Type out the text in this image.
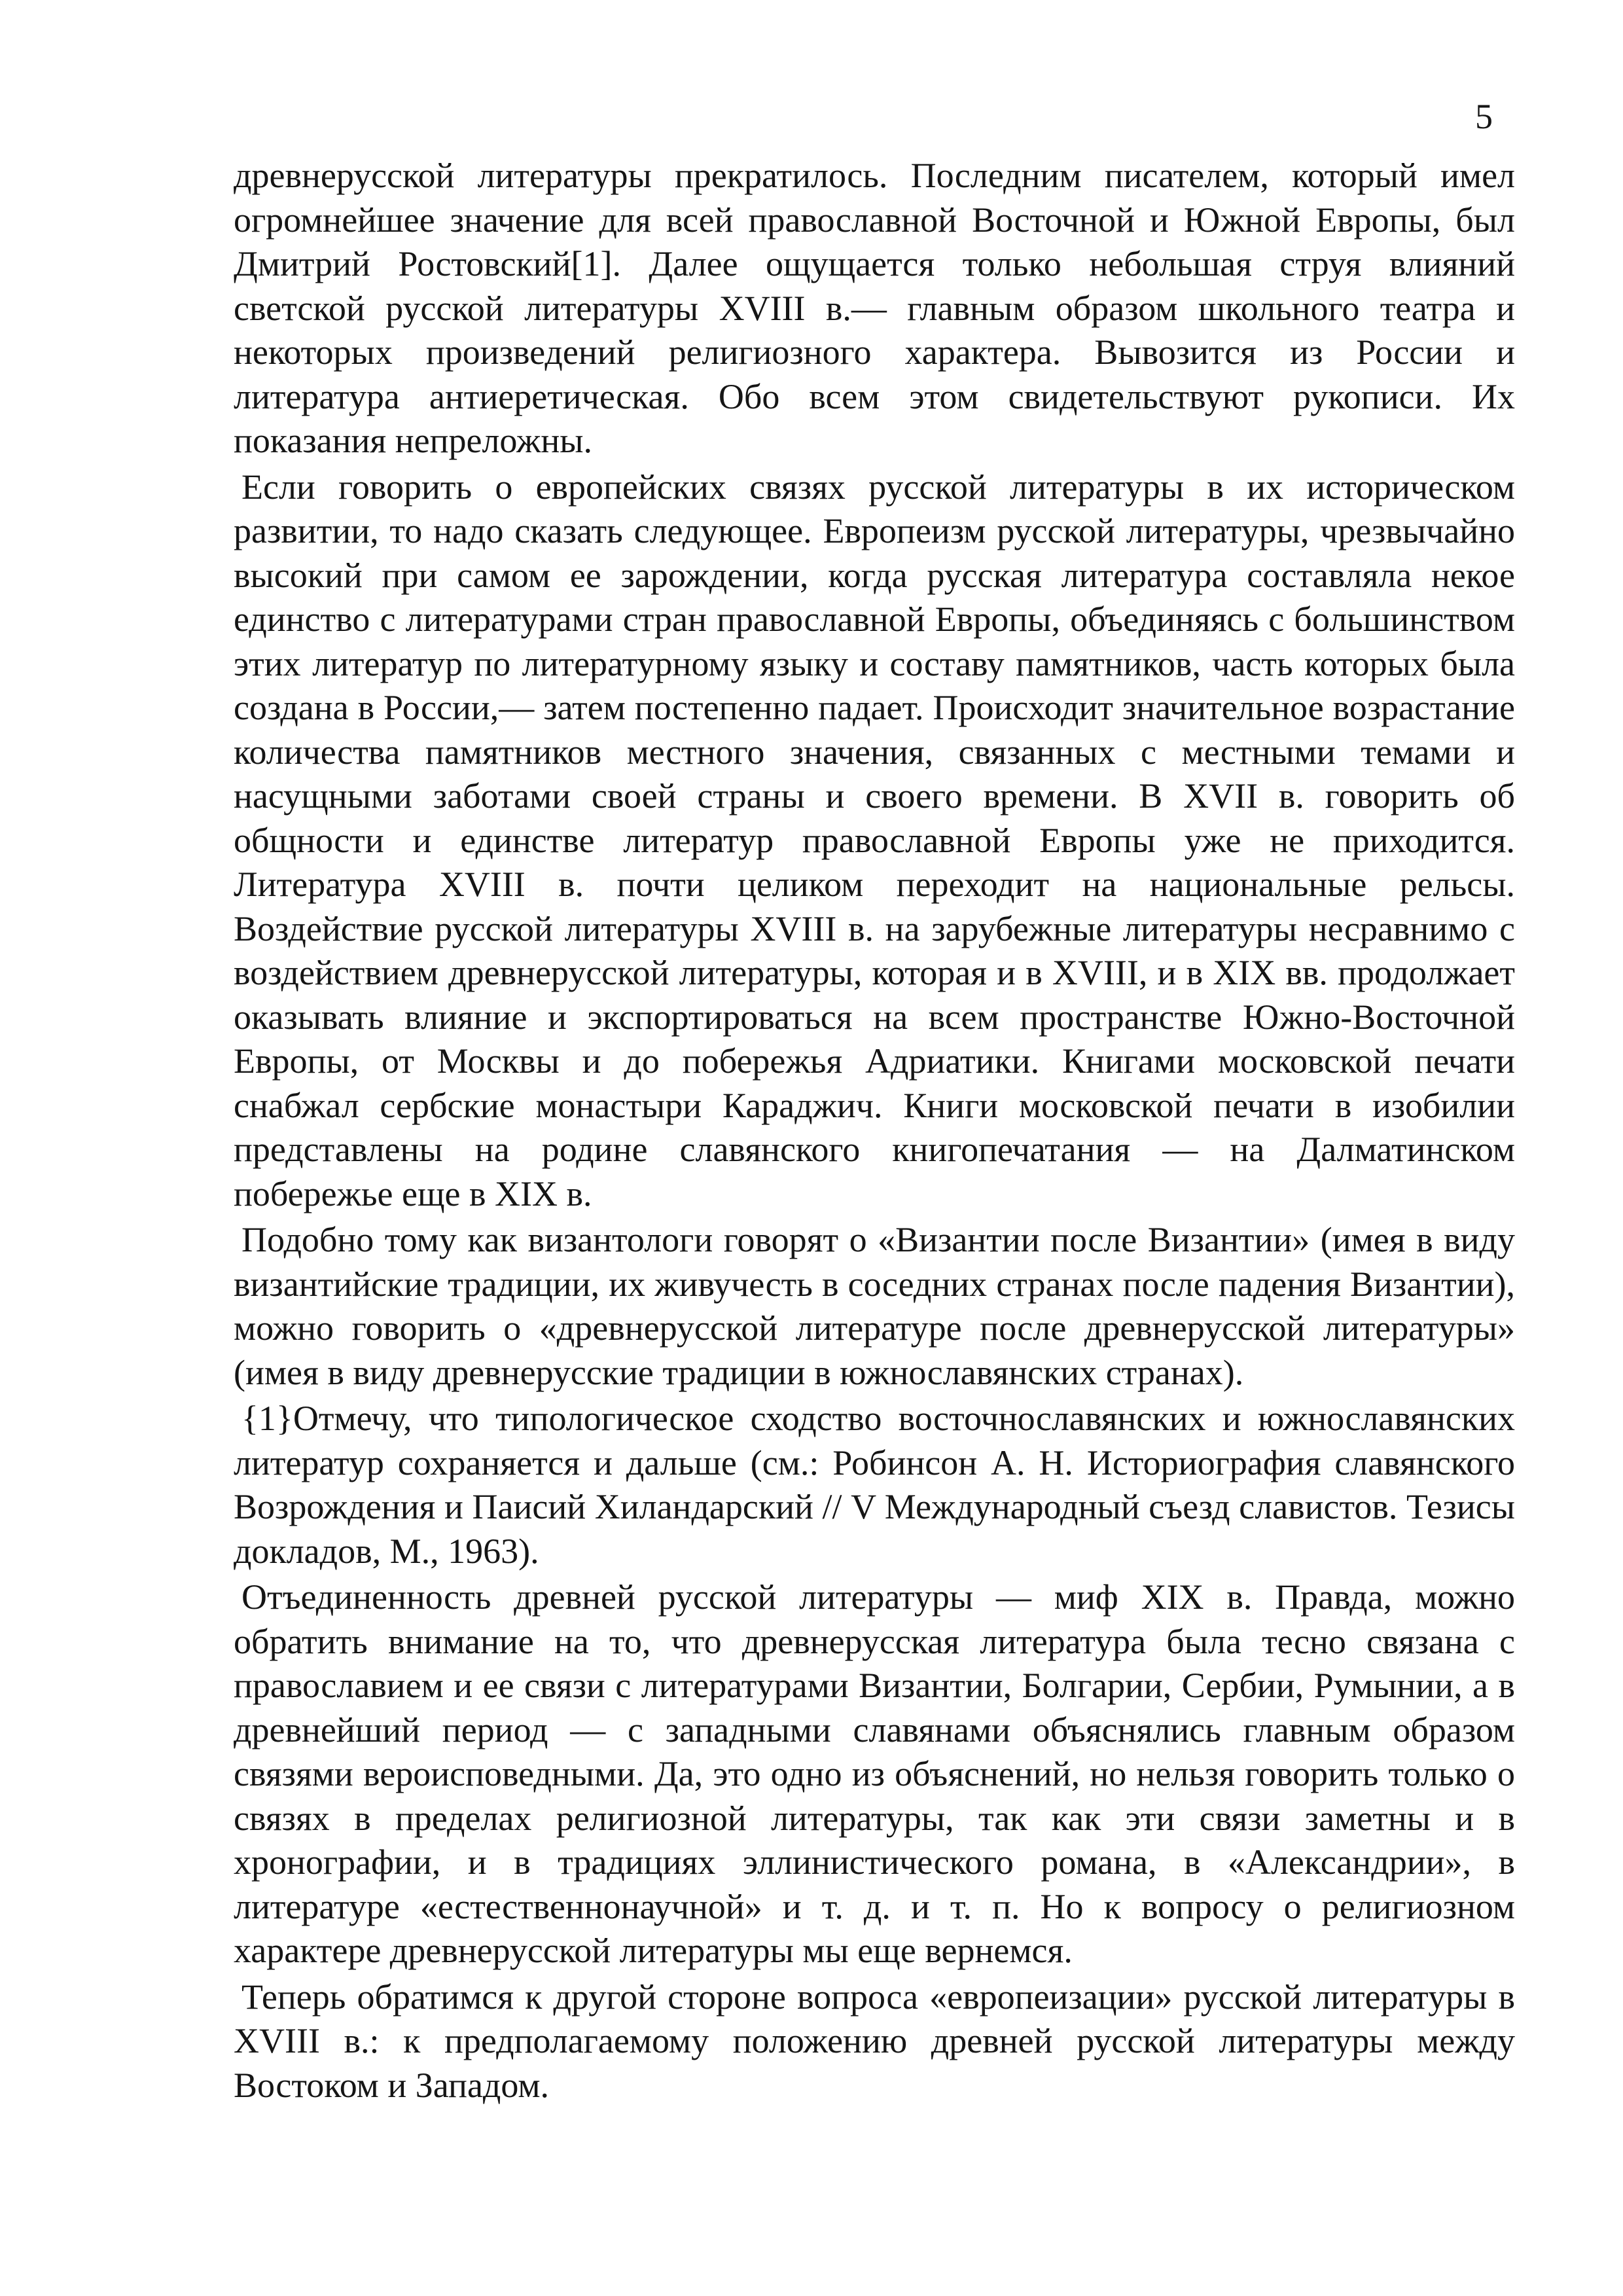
5

древнерусской литературы прекратилось. Последним писателем, который имел огромнейшее значение для всей православной Восточной и Южной Европы, был Дмитрий Ростовский[1]. Далее ощущается только небольшая струя влияний светской русской литературы XVIII в.— главным образом школьного театра и некоторых произведений религиозного характера. Вывозится из России и литература антиеретическая. Обо всем этом свидетельствуют рукописи. Их показания непреложны.

Если говорить о европейских связях русской литературы в их историческом развитии, то надо сказать следующее. Европеизм русской литературы, чрезвычайно высокий при самом ее зарождении, когда русская литература составляла некое единство с литературами стран православной Европы, объединяясь с большинством этих литератур по литературному языку и составу памятников, часть которых была создана в России,— затем постепенно падает. Происходит значительное возрастание количества памятников местного значения, связанных с местными темами и насущными заботами своей страны и своего времени. В XVII в. говорить об общности и единстве литератур православной Европы уже не приходится. Литература XVIII в. почти целиком переходит на национальные рельсы. Воздействие русской литературы XVIII в. на зарубежные литературы несравнимо с воздействием древнерусской литературы, которая и в XVIII, и в XIX вв. продолжает оказывать влияние и экспортироваться на всем пространстве Южно-Восточной Европы, от Москвы и до побережья Адриатики. Книгами московской печати снабжал сербские монастыри Караджич. Книги московской печати в изобилии представлены на родине славянского книгопечатания — на Далматинском побережье еще в XIX в.

Подобно тому как византологи говорят о «Византии после Византии» (имея в виду византийские традиции, их живучесть в соседних странах после падения Византии), можно говорить о «древнерусской литературе после древнерусской литературы» (имея в виду древнерусские традиции в южнославянских странах).

{1}Отмечу, что типологическое сходство восточнославянских и южнославянских литератур сохраняется и дальше (см.: Робинсон А. Н. Историография славянского Возрождения и Паисий Хиландарский // V Международный съезд славистов. Тезисы докладов, М., 1963).

Отъединенность древней русской литературы — миф XIX в. Правда, можно обратить внимание на то, что древнерусская литература была тесно связана с православием и ее связи с литературами Византии, Болгарии, Сербии, Румынии, а в древнейший период — с западными славянами объяснялись главным образом связями вероисповедными. Да, это одно из объяснений, но нельзя говорить только о связях в пределах религиозной литературы, так как эти связи заметны и в хронографии, и в традициях эллинистического романа, в «Александрии», в литературе «естественнонаучной» и т. д. и т. п. Но к вопросу о религиозном характере древнерусской литературы мы еще вернемся.

Теперь обратимся к другой стороне вопроса «европеизации» русской литературы в XVIII в.: к предполагаемому положению древней русской литературы между Востоком и Западом.
